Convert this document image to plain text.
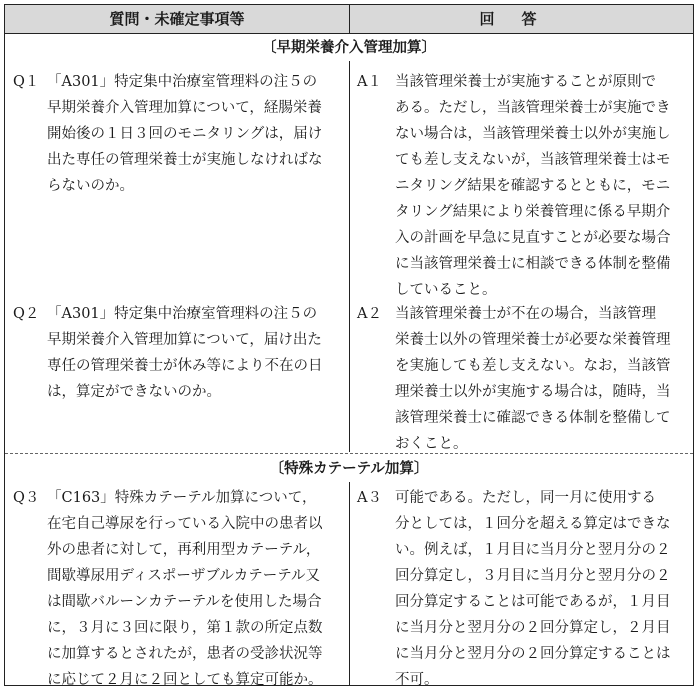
質問・未確定事項等	回答
〔早期栄養介入管理加算〕
Q１ 「A301」特定集中治療室管理料の注５の
早期栄養介入管理加算について，経腸栄養
開始後の１日３回のモニタリングは，届け
出た専任の管理栄養士が実施しなければな
らないのか。
A１ 当該管理栄養士が実施することが原則で
ある。ただし，当該管理栄養士が実施でき
ない場合は，当該管理栄養士以外が実施し
ても差し支えないが，当該管理栄養士はモ
ニタリング結果を確認するとともに，モニ
タリング結果により栄養管理に係る早期介
入の計画を早急に見直すことが必要な場合
に当該管理栄養士に相談できる体制を整備
していること。
Q２ 「A301」特定集中治療室管理料の注５の
早期栄養介入管理加算について，届け出た
専任の管理栄養士が休み等により不在の日
は，算定ができないのか。
A２ 当該管理栄養士が不在の場合，当該管理
栄養士以外の管理栄養士が必要な栄養管理
を実施しても差し支えない。なお，当該管
理栄養士以外が実施する場合は，随時，当
該管理栄養士に確認できる体制を整備して
おくこと。
〔特殊カテーテル加算〕
Q３ 「C163」特殊カテーテル加算について，
在宅自己導尿を行っている入院中の患者以
外の患者に対して，再利用型カテーテル，
間歇導尿用ディスポーザブルカテーテル又
は間歇バルーンカテーテルを使用した場合
に，３月に３回に限り，第１款の所定点数
に加算するとされたが，患者の受診状況等
に応じて２月に２回としても算定可能か。
A３ 可能である。ただし，同一月に使用する
分としては，１回分を超える算定はできな
い。例えば，１月目に当月分と翌月分の２
回分算定し，３月目に当月分と翌月分の２
回分算定することは可能であるが，１月目
に当月分と翌月分の２回分算定し，２月目
に当月分と翌月分の２回分算定することは
不可。
